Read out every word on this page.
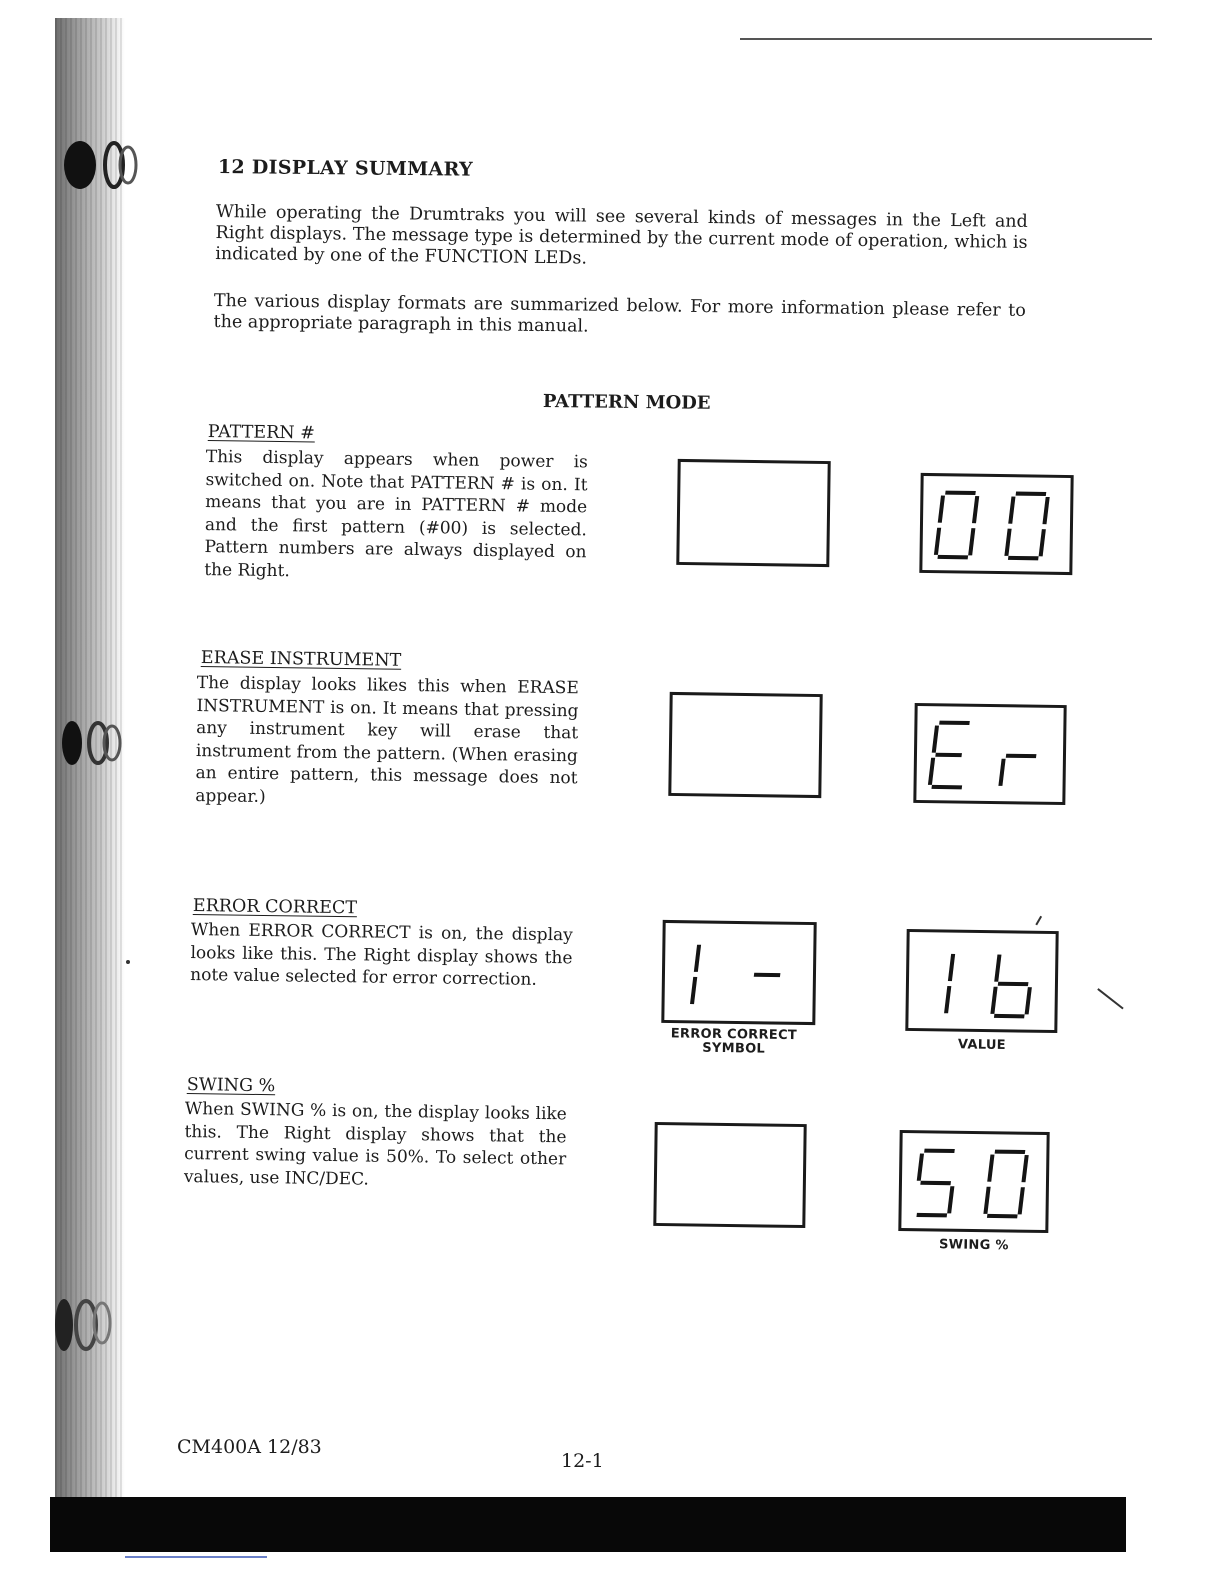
12 DISPLAY SUMMARY
While operating the Drumtraks you will see several kinds of messages in the Left and Right displays. The message type is determined by the current mode of operation, which is indicated by one of the FUNCTION LEDs.
The various display formats are summarized below. For more information please refer to the appropriate paragraph in this manual.
PATTERN MODE
PATTERN #
This display appears when power is switched on. Note that PATTERN # is on. It means that you are in PATTERN # mode and the first pattern (#00) is selected. Pattern numbers are always displayed on the Right.
ERASE INSTRUMENT
The display looks likes this when ERASE INSTRUMENT is on. It means that pressing any instrument key will erase that instrument from the pattern. (When erasing an entire pattern, this message does not appear.)
ERROR CORRECT
When ERROR CORRECT is on, the display looks like this. The Right display shows the note value selected for error correction.
ERROR CORRECT
SYMBOL	VALUE
SWING %
When SWING % is on, the display looks like this. The Right display shows that the current swing value is 50%. To select other values, use INC/DEC.
SWING %
CM400A 12/83
12-1
